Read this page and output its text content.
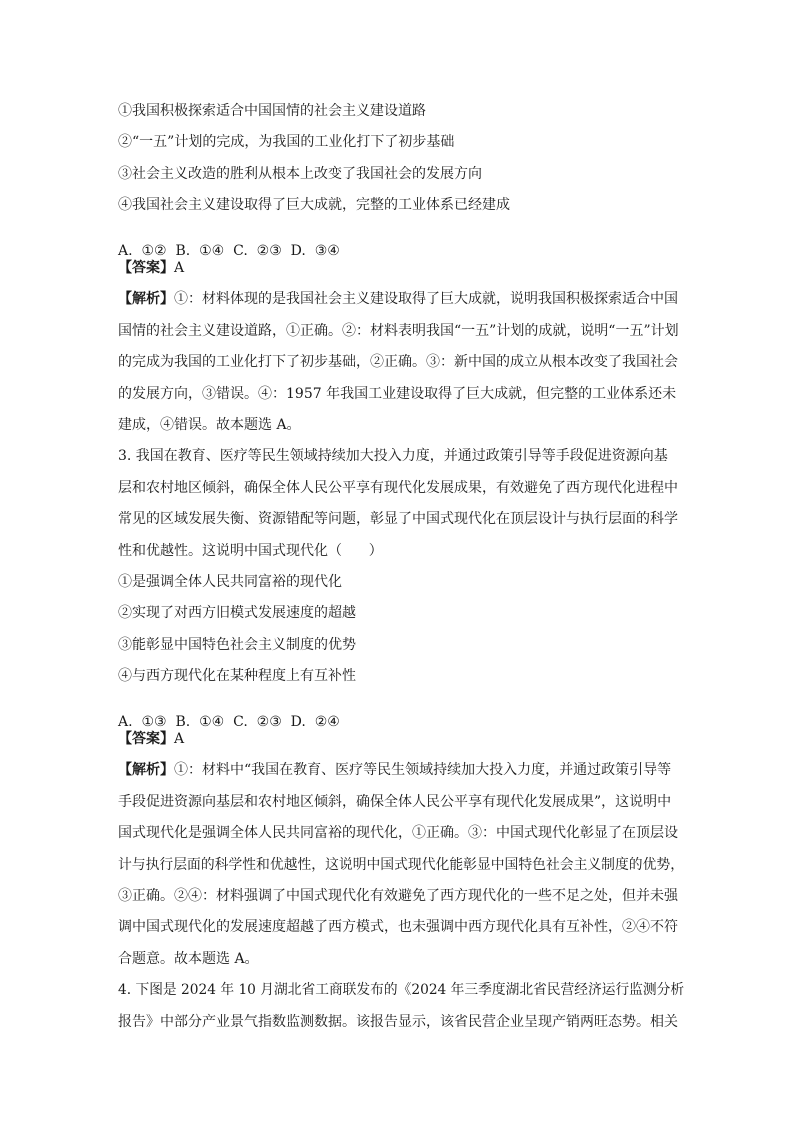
①我国积极探索适合中国国情的社会主义建设道路

②“一五”计划的完成，为我国的工业化打下了初步基础

③社会主义改造的胜利从根本上改变了我国社会的发展方向

④我国社会主义建设取得了巨大成就，完整的工业体系已经建成

A.  ①②  B.  ①④  C.  ②③  D.  ③④

【答案】A

【解析】①：材料体现的是我国社会主义建设取得了巨大成就，说明我国积极探索适合中国

国情的社会主义建设道路，①正确。②：材料表明我国“一五”计划的成就，说明“一五”计划

的完成为我国的工业化打下了初步基础，②正确。③：新中国的成立从根本改变了我国社会

的发展方向，③错误。④：1957 年我国工业建设取得了巨大成就，但完整的工业体系还未

建成，④错误。故本题选 A。

3. 我国在教育、医疗等民生领域持续加大投入力度，并通过政策引导等手段促进资源向基

层和农村地区倾斜，确保全体人民公平享有现代化发展成果，有效避免了西方现代化进程中

常见的区域发展失衡、资源错配等问题，彰显了中国式现代化在顶层设计与执行层面的科学

性和优越性。这说明中国式现代化（      ）

①是强调全体人民共同富裕的现代化

②实现了对西方旧模式发展速度的超越

③能彰显中国特色社会主义制度的优势

④与西方现代化在某种程度上有互补性

A.  ①③  B.  ①④  C.  ②③  D.  ②④

【答案】A

【解析】①：材料中“我国在教育、医疗等民生领域持续加大投入力度，并通过政策引导等

手段促进资源向基层和农村地区倾斜，确保全体人民公平享有现代化发展成果”，这说明中

国式现代化是强调全体人民共同富裕的现代化，①正确。③：中国式现代化彰显了在顶层设

计与执行层面的科学性和优越性，这说明中国式现代化能彰显中国特色社会主义制度的优势，

③正确。②④：材料强调了中国式现代化有效避免了西方现代化的一些不足之处，但并未强

调中国式现代化的发展速度超越了西方模式，也未强调中西方现代化具有互补性，②④不符

合题意。故本题选 A。

4. 下图是 2024 年 10 月湖北省工商联发布的《2024 年三季度湖北省民营经济运行监测分析

报告》中部分产业景气指数监测数据。该报告显示，该省民营企业呈现产销两旺态势。相关
